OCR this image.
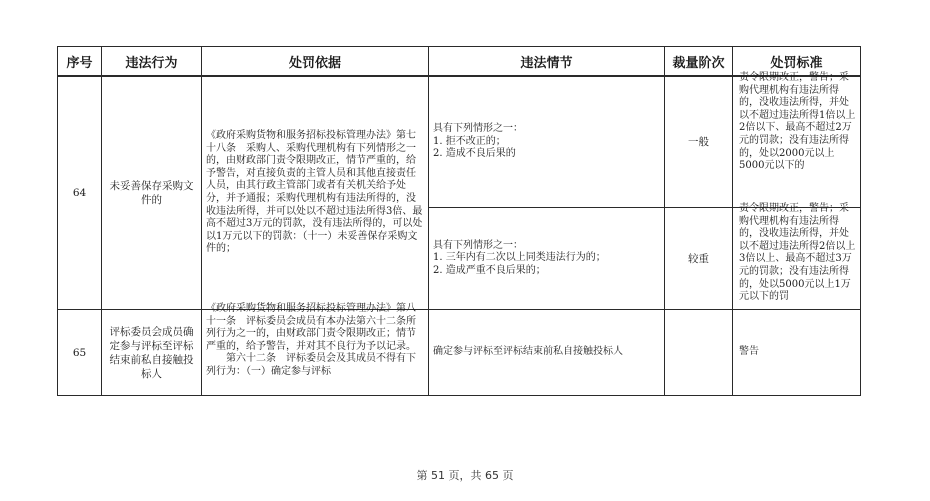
序号	违法行为	处罚依据	违法情节	裁量阶次	处罚标准
64	未妥善保存采购文件的	《政府采购货物和服务招标投标管理办法》第七十八条　采购人、采购代理机构有下列情形之一的，由财政部门责令限期改正，情节严重的，给予警告，对直接负责的主管人员和其他直接责任人员，由其行政主管部门或者有关机关给予处分，并予通报；采购代理机构有违法所得的，没收违法所得，并可以处以不超过违法所得3倍、最高不超过3万元的罚款，没有违法所得的，可以处以1万元以下的罚款：（十一）未妥善保存采购文件的；	具有下列情形之一：
1. 拒不改正的；
2. 造成不良后果的	一般	责令限期改正，警告；采购代理机构有违法所得的，没收违法所得，并处以不超过违法所得1倍以上2倍以下、最高不超过2万元的罚款；没有违法所得的，处以2000元以上5000元以下的

			具有下列情形之一：
1. 三年内有二次以上同类违法行为的；
2. 造成严重不良后果的；	较重	责令限期改正，警告；采购代理机构有违法所得的，没收违法所得，并处以不超过违法所得2倍以上3倍以上、最高不超过3万元的罚款；没有违法所得的，处以5000元以上1万元以下的罚

65	评标委员会成员确定参与评标至评标结束前私自接触投标人	《政府采购货物和服务招标投标管理办法》第八十一条　评标委员会成员有本办法第六十二条所列行为之一的，由财政部门责令限期改正；情节严重的，给予警告，并对其不良行为予以记录。
第六十二条　评标委员会及其成员不得有下列行为：（一）确定参与评标	确定参与评标至评标结束前私自接触投标人		警告
第 51 页，共 65 页
